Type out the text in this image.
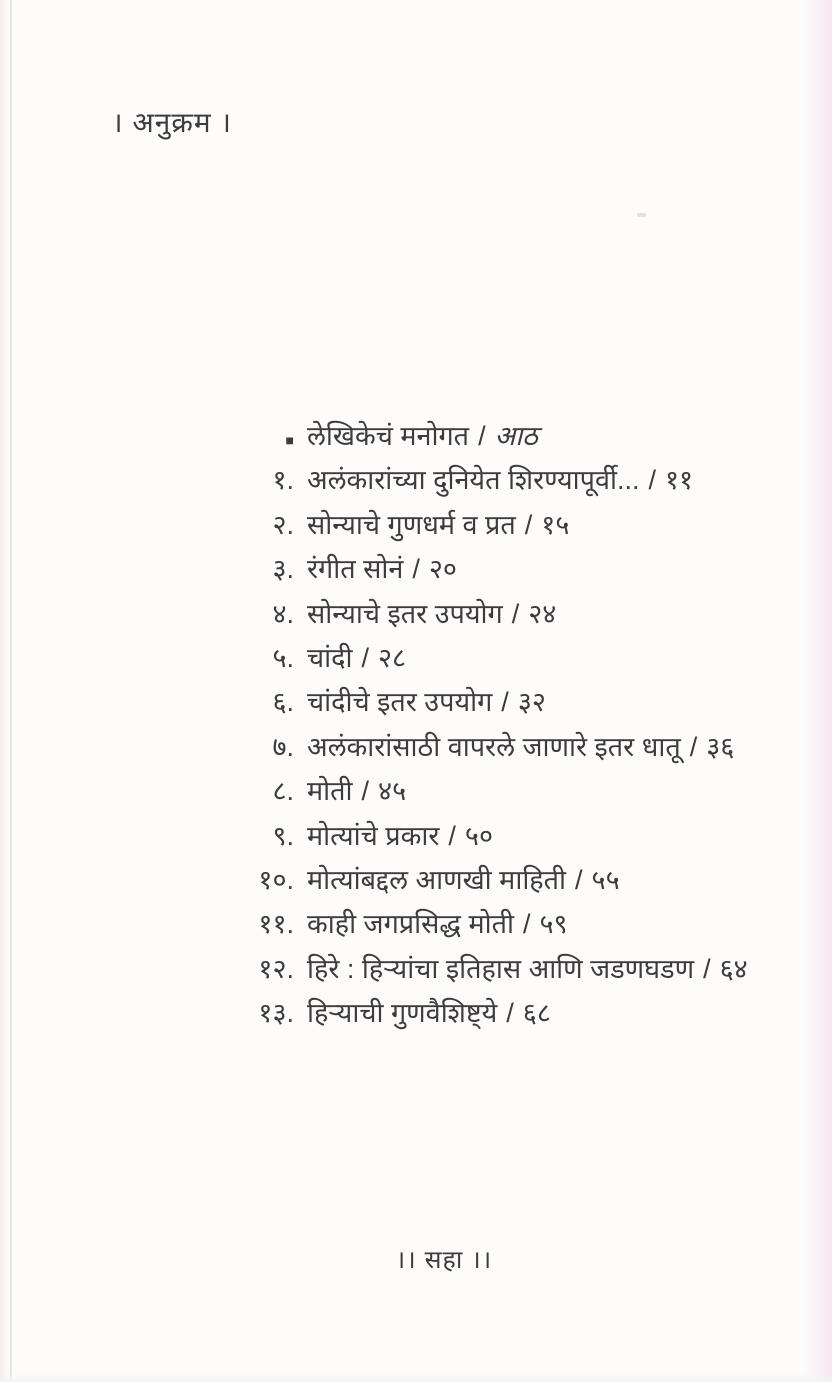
। अनुक्रम ।
■ लेखिकेचं मनोगत / आठ
१. अलंकारांच्या दुनियेत शिरण्यापूर्वी... / ११
२. सोन्याचे गुणधर्म व प्रत / १५
३. रंगीत सोनं / २०
४. सोन्याचे इतर उपयोग / २४
५. चांदी / २८
६. चांदीचे इतर उपयोग / ३२
७. अलंकारांसाठी वापरले जाणारे इतर धातू / ३६
८. मोती / ४५
९. मोत्यांचे प्रकार / ५०
१०. मोत्यांबद्दल आणखी माहिती / ५५
११. काही जगप्रसिद्ध मोती / ५९
१२. हिरे : हिऱ्यांचा इतिहास आणि जडणघडण / ६४
१३. हिऱ्याची गुणवैशिष्ट्ये / ६८
।। सहा ।।
